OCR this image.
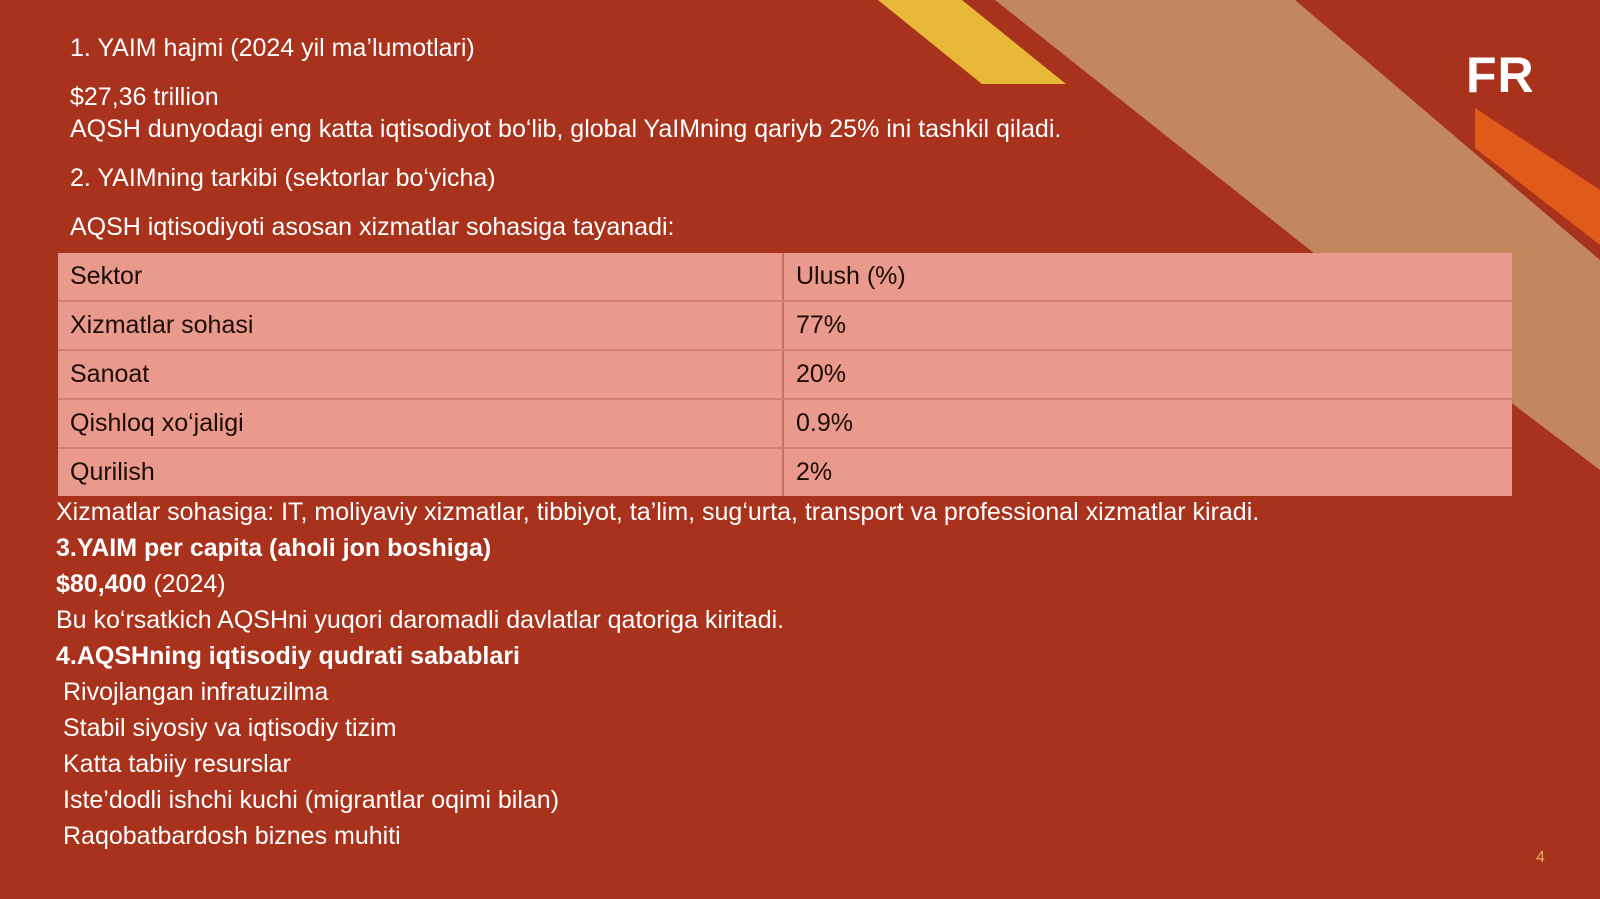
FR
1. YAIM hajmi (2024 yil ma’lumotlari)
$27,36 trillion
AQSH dunyodagi eng katta iqtisodiyot bo‘lib, global YaIMning qariyb 25% ini tashkil qiladi.
2. YAIMning tarkibi (sektorlar bo‘yicha)
AQSH iqtisodiyoti asosan xizmatlar sohasiga tayanadi:
Sektor	Ulush (%)
Xizmatlar sohasi	77%
Sanoat	20%
Qishloq xo‘jaligi	0.9%
Qurilish	2%
Xizmatlar sohasiga: IT, moliyaviy xizmatlar, tibbiyot, ta’lim, sug‘urta, transport va professional xizmatlar kiradi.
3.YAIM per capita (aholi jon boshiga)
$80,400 (2024)
Bu ko‘rsatkich AQSHni yuqori daromadli davlatlar qatoriga kiritadi.
4.AQSHning iqtisodiy qudrati sabablari
Rivojlangan infratuzilma
Stabil siyosiy va iqtisodiy tizim
Katta tabiiy resurslar
Iste’dodli ishchi kuchi (migrantlar oqimi bilan)
Raqobatbardosh biznes muhiti
4
